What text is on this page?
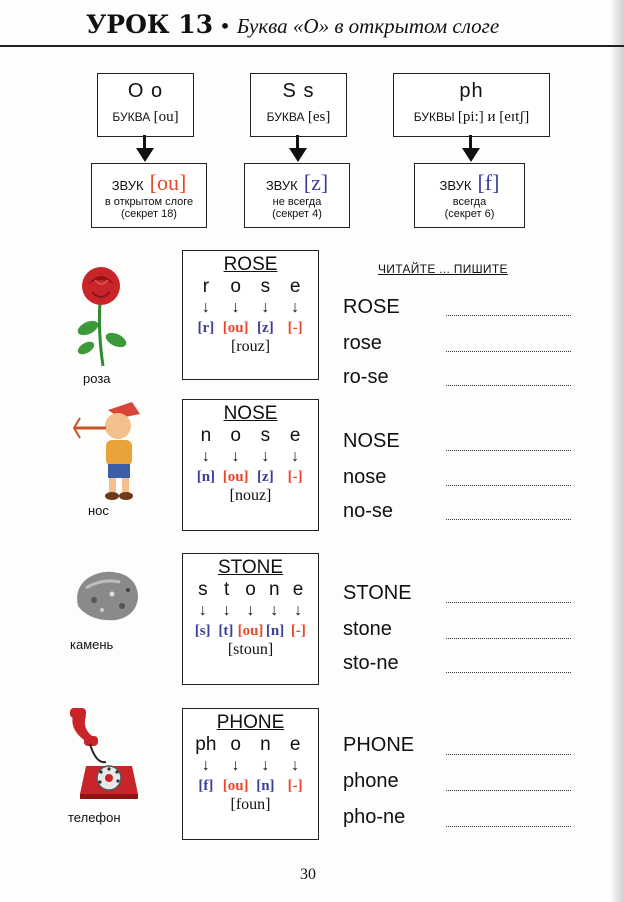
УРОК 13 • Буква «О» в открытом слоге
O o
БУКВА [ou]
S s
БУКВА [es]
ph
БУКВЫ [pi:] и [eɪtʃ]
ЗВУК [ou]
в открытом слоге
(секрет 18)
ЗВУК [z]
не всегда
(секрет 4)
ЗВУК [f]
всегда
(секрет 6)
ЧИТАЙТЕ ... ПИШИТЕ
роза
ROSE
r o s e
↓ ↓ ↓ ↓
[r] [ou] [z] [-]
[rouz]
ROSE
rose
ro-se
нос
NOSE
n o s e
↓ ↓ ↓ ↓
[n] [ou] [z] [-]
[nouz]
NOSE
nose
no-se
камень
STONE
s t o n e
↓ ↓ ↓ ↓ ↓
[s] [t] [ou] [n] [-]
[stoun]
STONE
stone
sto-ne
телефон
PHONE
ph o n e
↓ ↓ ↓ ↓
[f] [ou] [n] [-]
[foun]
PHONE
phone
pho-ne
30
